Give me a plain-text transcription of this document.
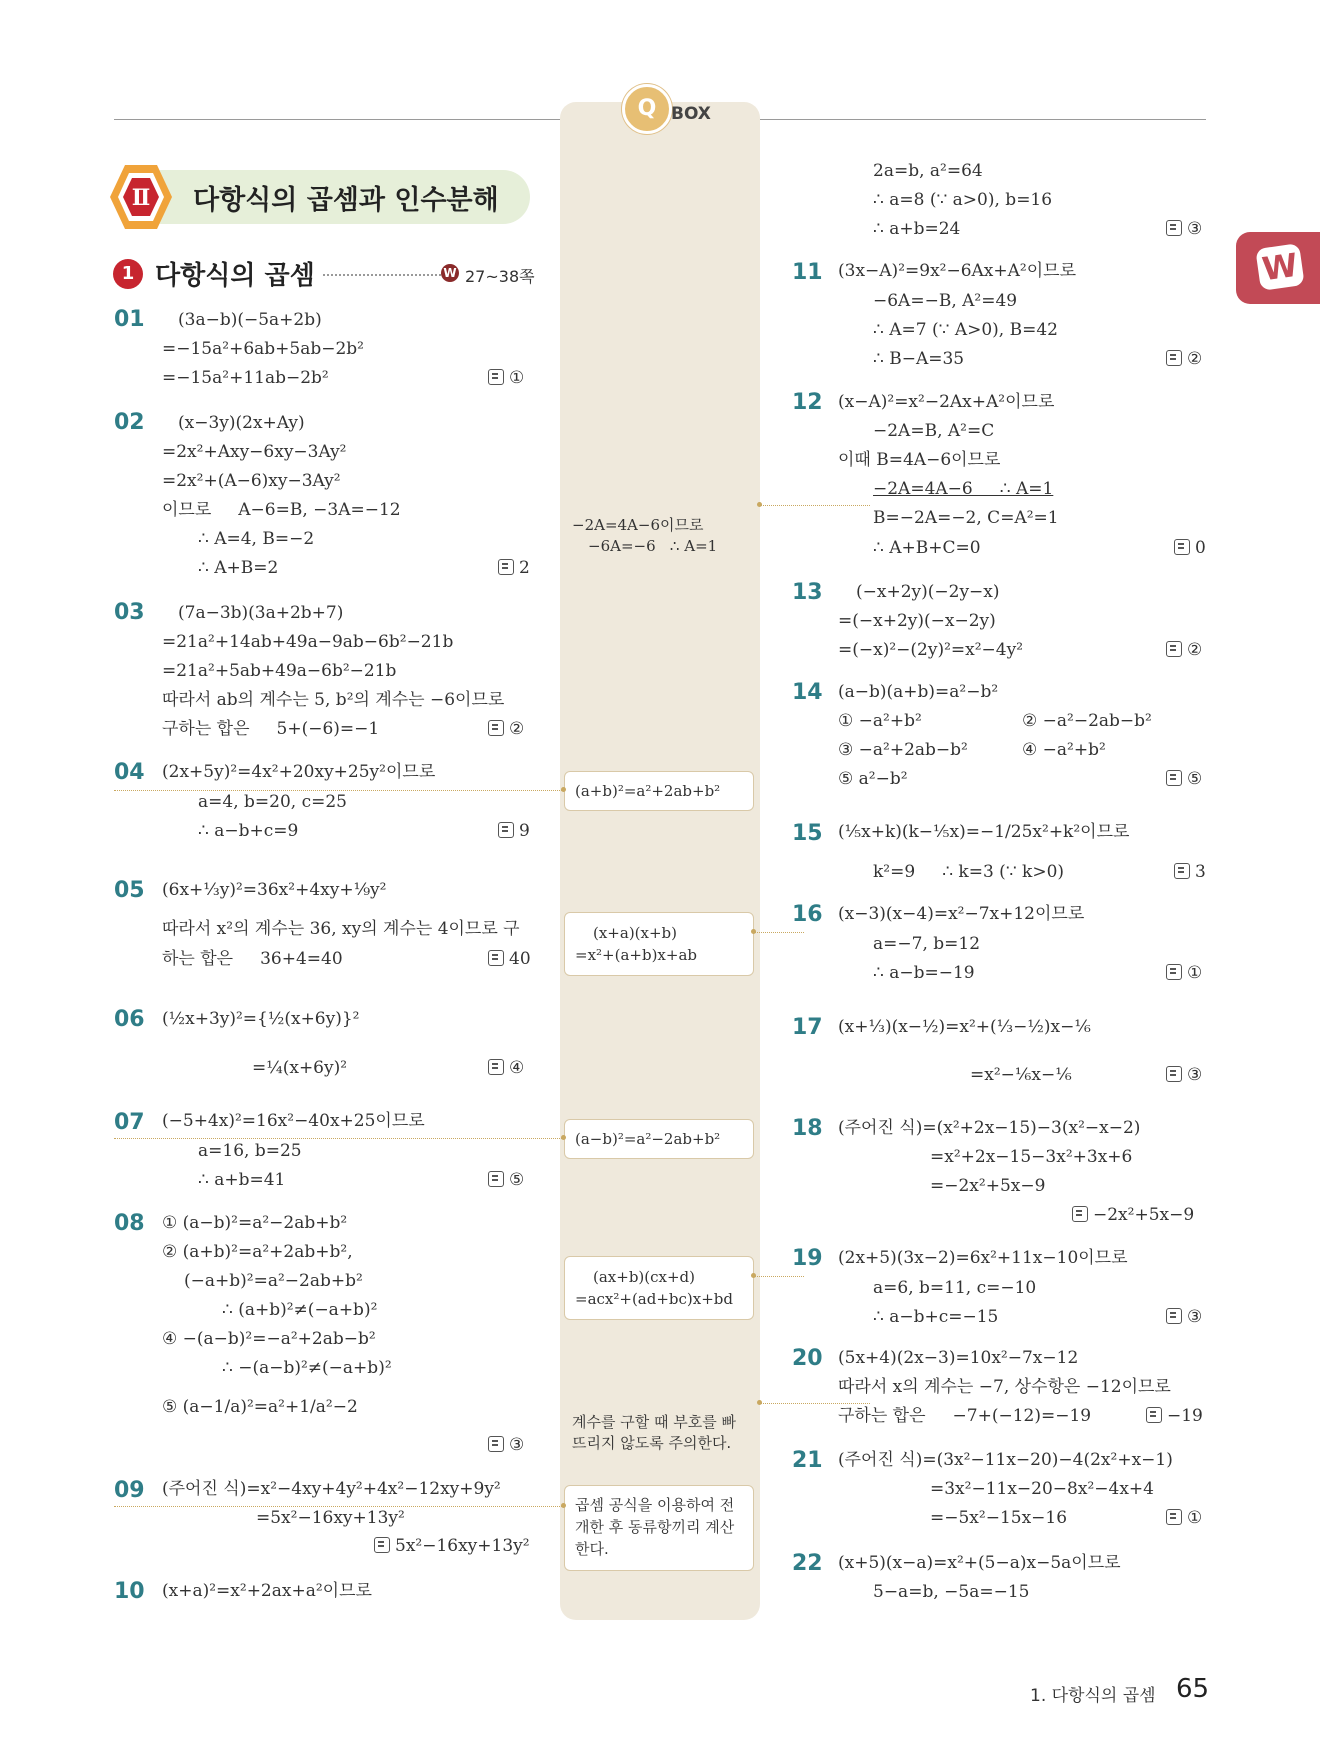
Q BOX
W
Ⅱ 다항식의 곱셈과 인수분해
1 다항식의 곱셈	W 27~38쪽
01 (3a−b)(−5a+2b)
=−15a²+6ab+5ab−2b²
=−15a²+11ab−2b²	①
02 (x−3y)(2x+Ay)
=2x²+Axy−6xy−3Ay²
=2x²+(A−6)xy−3Ay²
이므로     A−6=B, −3A=−12
∴ A=4, B=−2
∴ A+B=2	2
03 (7a−3b)(3a+2b+7)
=21a²+14ab+49a−9ab−6b²−21b
=21a²+5ab+49a−6b²−21b
따라서 ab의 계수는 5, b²의 계수는 −6이므로
구하는 합은     5+(−6)=−1	②
04 (2x+5y)²=4x²+20xy+25y²이므로
a=4, b=20, c=25
∴ a−b+c=9	9
05 (6x+⅓y)²=36x²+4xy+⅑y²
따라서 x²의 계수는 36, xy의 계수는 4이므로 구
하는 합은     36+4=40	40
06 (½x+3y)²={½(x+6y)}²
=¼(x+6y)²	④
07 (−5+4x)²=16x²−40x+25이므로
a=16, b=25
∴ a+b=41	⑤
08 ① (a−b)²=a²−2ab+b²
② (a+b)²=a²+2ab+b²,
(−a+b)²=a²−2ab+b²
∴ (a+b)²≠(−a+b)²
④ −(a−b)²=−a²+2ab−b²
∴ −(a−b)²≠(−a+b)²
⑤ (a−1/a)²=a²+1/a²−2
③
09 (주어진 식)=x²−4xy+4y²+4x²−12xy+9y²
=5x²−16xy+13y²
5x²−16xy+13y²
10 (x+a)²=x²+2ax+a²이므로
2a=b, a²=64
∴ a=8 (∵ a>0), b=16
∴ a+b=24	③
11 (3x−A)²=9x²−6Ax+A²이므로
−6A=−B, A²=49
∴ A=7 (∵ A>0), B=42
∴ B−A=35	②
12 (x−A)²=x²−2Ax+A²이므로
−2A=B, A²=C
이때 B=4A−6이므로
−2A=4A−6     ∴ A=1
B=−2A=−2, C=A²=1
∴ A+B+C=0	0
13 (−x+2y)(−2y−x)
=(−x+2y)(−x−2y)
=(−x)²−(2y)²=x²−4y²	②
14 (a−b)(a+b)=a²−b²
① −a²+b²	② −a²−2ab−b²
③ −a²+2ab−b²	④ −a²+b²
⑤ a²−b²	⑤
15 (⅕x+k)(k−⅕x)=−1/25x²+k²이므로
k²=9     ∴ k=3 (∵ k>0)	3
16 (x−3)(x−4)=x²−7x+12이므로
a=−7, b=12
∴ a−b=−19	①
17 (x+⅓)(x−½)=x²+(⅓−½)x−⅙
=x²−⅙x−⅙	③
18 (주어진 식)=(x²+2x−15)−3(x²−x−2)
=x²+2x−15−3x²+3x+6
=−2x²+5x−9
−2x²+5x−9
19 (2x+5)(3x−2)=6x²+11x−10이므로
a=6, b=11, c=−10
∴ a−b+c=−15	③
20 (5x+4)(2x−3)=10x²−7x−12
따라서 x의 계수는 −7, 상수항은 −12이므로
구하는 합은     −7+(−12)=−19	−19
21 (주어진 식)=(3x²−11x−20)−4(2x²+x−1)
=3x²−11x−20−8x²−4x+4
=−5x²−15x−16	①
22 (x+5)(x−a)=x²+(5−a)x−5a이므로
5−a=b, −5a=−15

−2A=4A−6이므로
−6A=−6   ∴ A=1

(a+b)²=a²+2ab+b²
(x+a)(x+b)
=x²+(a+b)x+ab
(a−b)²=a²−2ab+b²
(ax+b)(cx+d)
=acx²+(ad+bc)x+bd

계수를 구할 때 부호를 빠
뜨리지 않도록 주의한다.

곱셈 공식을 이용하여 전
개한 후 동류항끼리 계산
한다.
1. 다항식의 곱셈 65
